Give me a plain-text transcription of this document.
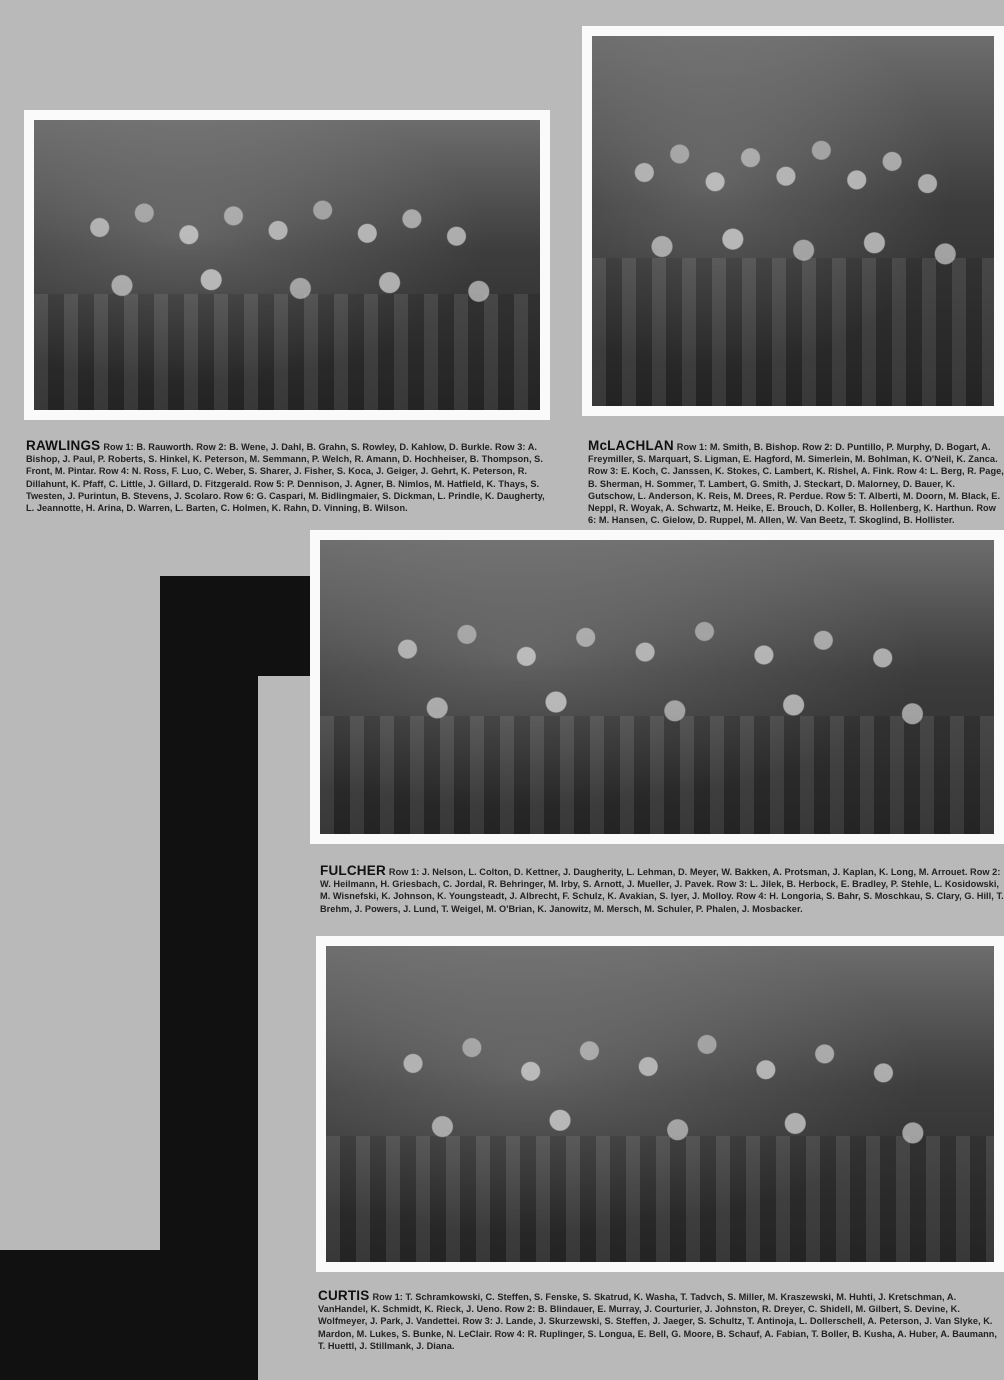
WITTE
RAWLINGS Row 1: B. Rauworth. Row 2: B. Wene, J. Dahl, B. Grahn, S. Rowley, D. Kahlow, D. Burkle. Row 3: A. Bishop, J. Paul, P. Roberts, S. Hinkel, K. Peterson, M. Semmann, P. Welch, R. Amann, D. Hochheiser, B. Thompson, S. Front, M. Pintar. Row 4: N. Ross, F. Luo, C. Weber, S. Sharer, J. Fisher, S. Koca, J. Geiger, J. Gehrt, K. Peterson, R. Dillahunt, K. Pfaff, C. Little, J. Gillard, D. Fitzgerald. Row 5: P. Dennison, J. Agner, B. Nimlos, M. Hatfield, K. Thays, S. Twesten, J. Purintun, B. Stevens, J. Scolaro. Row 6: G. Caspari, M. Bidlingmaier, S. Dickman, L. Prindle, K. Daugherty, L. Jeannotte, H. Arina, D. Warren, L. Barten, C. Holmen, K. Rahn, D. Vinning, B. Wilson.
McLACHLAN Row 1: M. Smith, B. Bishop. Row 2: D. Puntillo, P. Murphy, D. Bogart, A. Freymiller, S. Marquart, S. Ligman, E. Hagford, M. Simerlein, M. Bohlman, K. O'Neil, K. Zanca. Row 3: E. Koch, C. Janssen, K. Stokes, C. Lambert, K. Rishel, A. Fink. Row 4: L. Berg, R. Page, B. Sherman, H. Sommer, T. Lambert, G. Smith, J. Steckart, D. Malorney, D. Bauer, K. Gutschow, L. Anderson, K. Reis, M. Drees, R. Perdue. Row 5: T. Alberti, M. Doorn, M. Black, E. Neppl, R. Woyak, A. Schwartz, M. Heike, E. Brouch, D. Koller, B. Hollenberg, K. Harthun. Row 6: M. Hansen, C. Gielow, D. Ruppel, M. Allen, W. Van Beetz, T. Skoglind, B. Hollister.
FULCHER Row 1: J. Nelson, L. Colton, D. Kettner, J. Daugherity, L. Lehman, D. Meyer, W. Bakken, A. Protsman, J. Kaplan, K. Long, M. Arrouet. Row 2: W. Heilmann, H. Griesbach, C. Jordal, R. Behringer, M. Irby, S. Arnott, J. Mueller, J. Pavek. Row 3: L. Jilek, B. Herbock, E. Bradley, P. Stehle, L. Kosidowski, M. Wisnefski, K. Johnson, K. Youngsteadt, J. Albrecht, F. Schulz, K. Avakian, S. Iyer, J. Molloy. Row 4: H. Longoria, S. Bahr, S. Moschkau, S. Clary, G. Hill, T. Brehm, J. Powers, J. Lund, T. Weigel, M. O'Brian, K. Janowitz, M. Mersch, M. Schuler, P. Phalen, J. Mosbacker.
CURTIS Row 1: T. Schramkowski, C. Steffen, S. Fenske, S. Skatrud, K. Washa, T. Tadvch, S. Miller, M. Kraszewski, M. Huhti, J. Kretschman, A. VanHandel, K. Schmidt, K. Rieck, J. Ueno. Row 2: B. Blindauer, E. Murray, J. Courturier, J. Johnston, R. Dreyer, C. Shidell, M. Gilbert, S. Devine, K. Wolfmeyer, J. Park, J. Vandettei. Row 3: J. Lande, J. Skurzewski, S. Steffen, J. Jaeger, S. Schultz, T. Antinoja, L. Dollerschell, A. Peterson, J. Van Slyke, K. Mardon, M. Lukes, S. Bunke, N. LeClair. Row 4: R. Ruplinger, S. Longua, E. Bell, G. Moore, B. Schauf, A. Fabian, T. Boller, B. Kusha, A. Huber, A. Baumann, T. Huettl, J. Stillmank, J. Diana.
